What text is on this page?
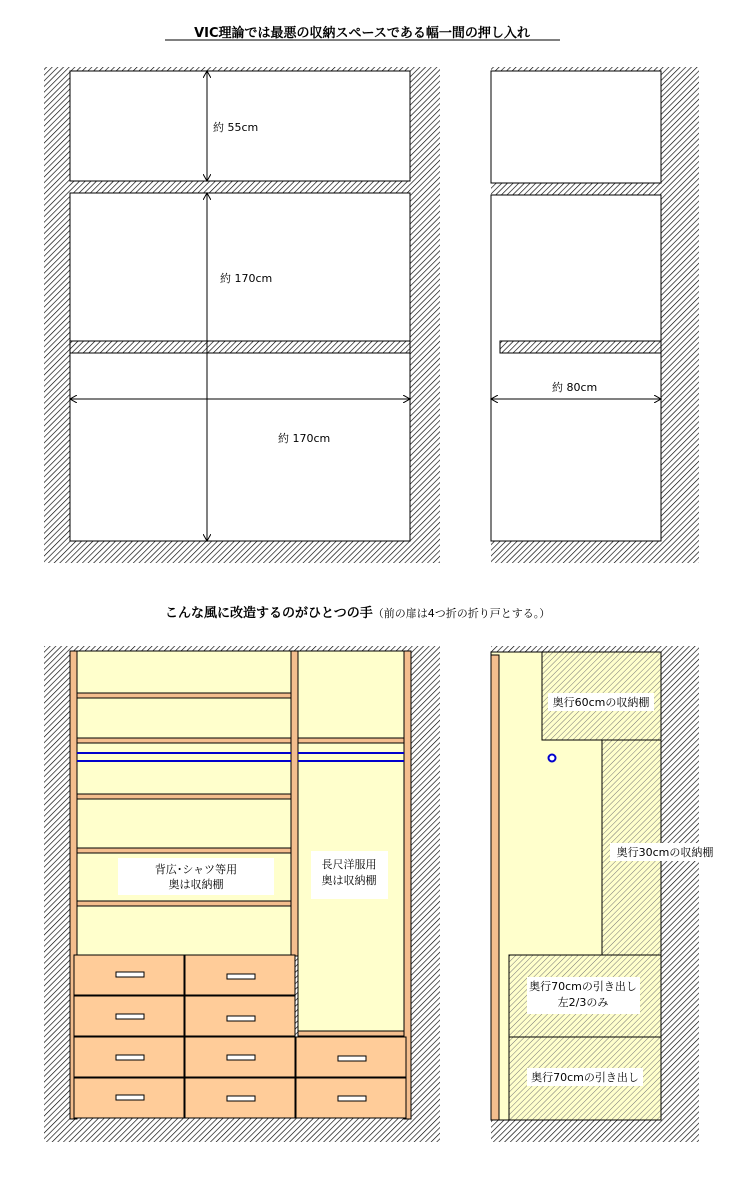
VIC理論では最悪の収納スペースである幅一間の押し入れ
約 55cm
約 170cm
約 170cm
約 80cm
こんな風に改造するのがひとつの手（前の扉は4つ折の折り戸とする。）
背広･シャツ等用
奥は収納棚
長尺洋服用
奥は収納棚
奥行60cmの収納棚
奥行30cmの収納棚
奥行70cmの引き出し
左2/3のみ
奥行70cmの引き出し
